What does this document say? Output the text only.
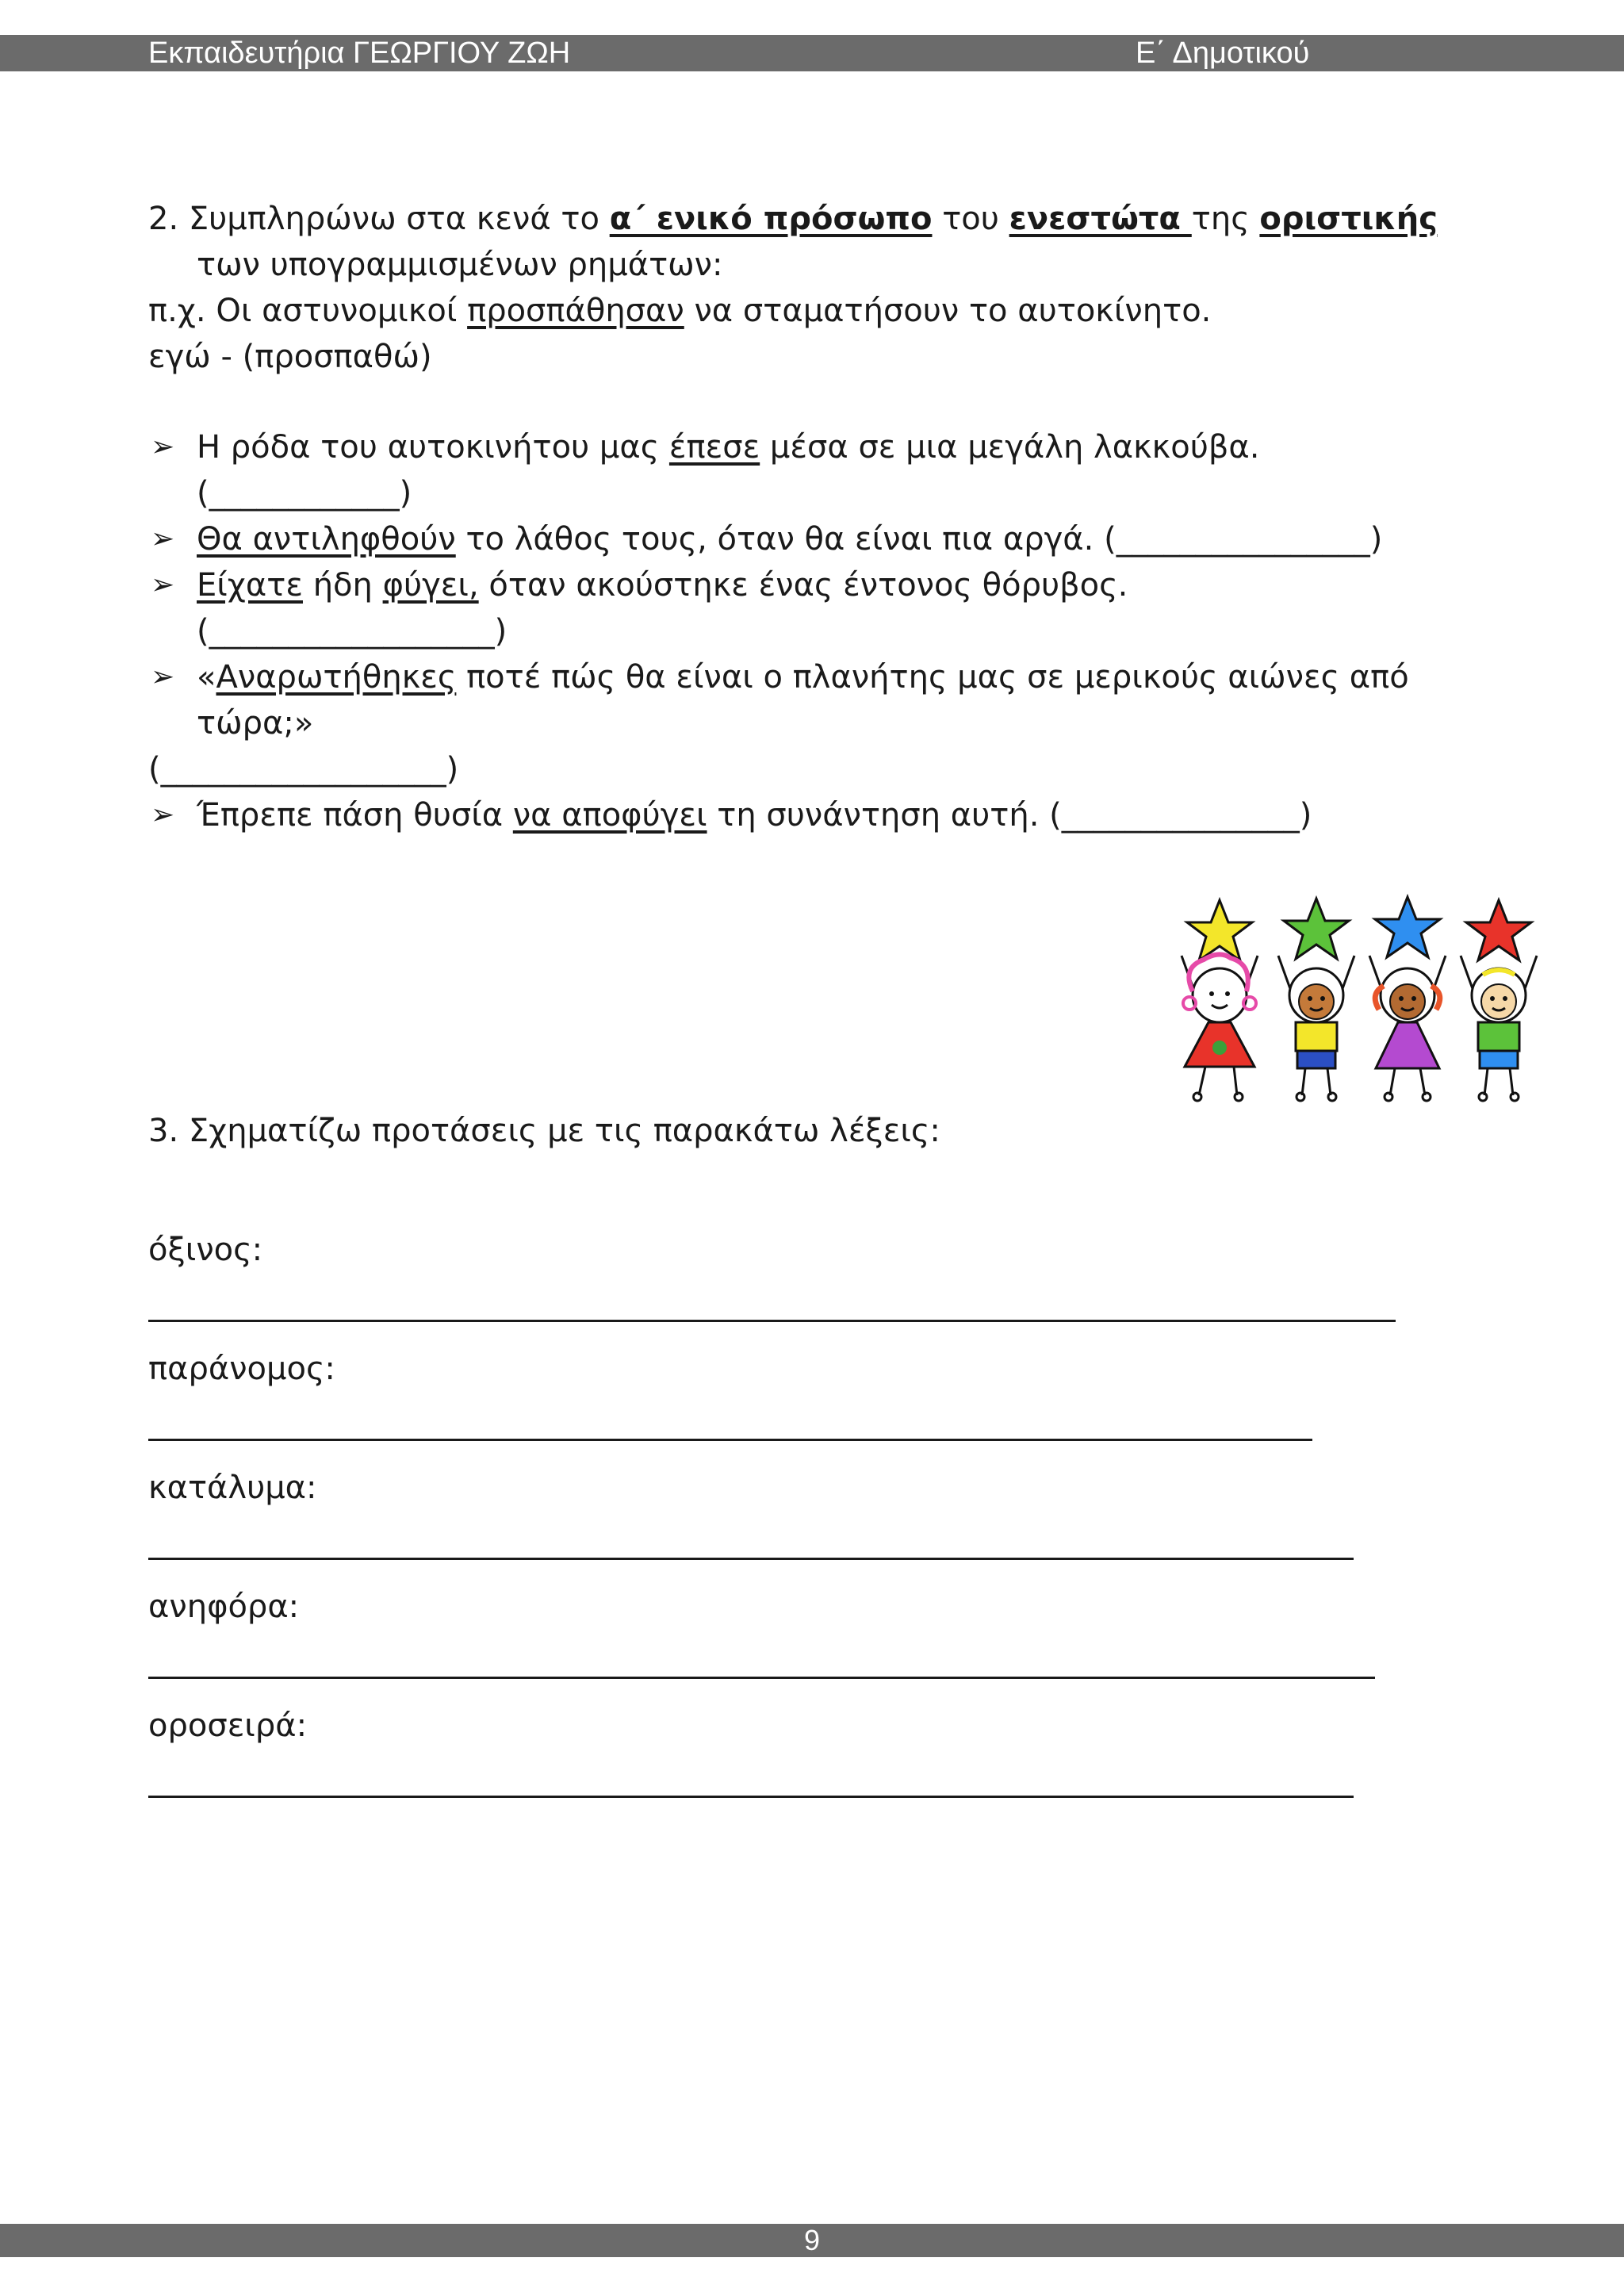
Εκπαιδευτήρια ΓΕΩΡΓΙΟΥ ΖΩΗ	Ε΄ Δημοτικού
2. Συμπληρώνω στα κενά το α΄ ενικό πρόσωπο του ενεστώτα της οριστικής
των υπογραμμισμένων ρημάτων:
π.χ. Οι αστυνομικοί προσπάθησαν να σταματήσουν το αυτοκίνητο.
εγώ - (προσπαθώ)
➢ Η ρόδα του αυτοκινήτου μας έπεσε μέσα σε μια μεγάλη λακκούβα.
(____________)
➢ Θα αντιληφθούν το λάθος τους, όταν θα είναι πια αργά. (________________)
➢ Είχατε ήδη φύγει, όταν ακούστηκε ένας έντονος θόρυβος.
(__________________)
➢ «Αναρωτήθηκες ποτέ πώς θα είναι ο πλανήτης μας σε μερικούς αιώνες από
τώρα;»
(__________________)
➢ Έπρεπε πάση θυσία να αποφύγει τη συνάντηση αυτή. (_______________)
3. Σχηματίζω προτάσεις με τις παρακάτω λέξεις:
όξινος:
παράνομος:
κατάλυμα:
ανηφόρα:
οροσειρά:
9
